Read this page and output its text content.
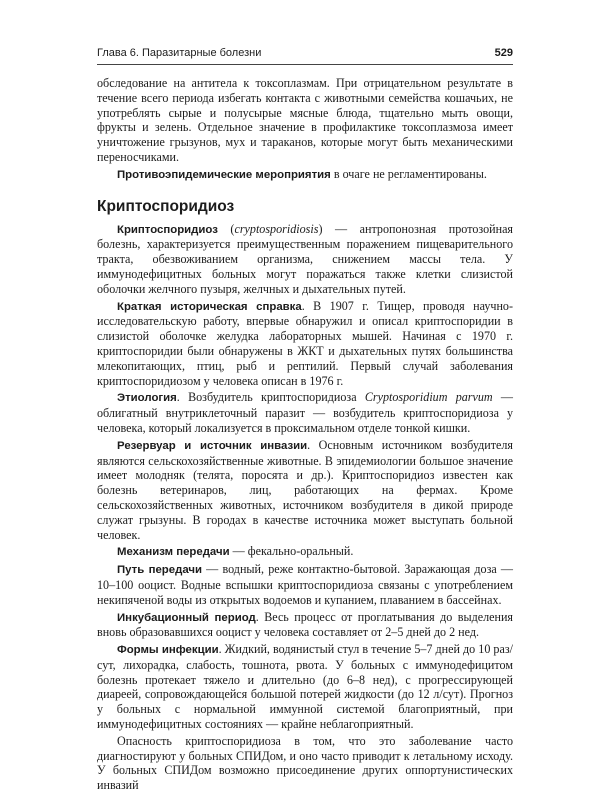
Глава 6. Паразитарные болезни	529

обследование на антитела к токсоплазмам. При отрицательном результате в течение всего периода избегать контакта с животными семейства кошачьих, не употреблять сырые и полусырые мясные блюда, тщательно мыть овощи, фрукты и зелень. Отдельное значение в профилактике токсоплазмоза имеет уничтожение грызунов, мух и тараканов, которые могут быть механическими переносчиками.

Противоэпидемические мероприятия в очаге не регламентированы.

Криптоспоридиоз

Криптоспоридиоз (cryptosporidiosis) — антропонозная протозойная болезнь, характеризуется преимущественным поражением пищеварительного тракта, обезвоживанием организма, снижением массы тела. У иммунодефицитных больных могут поражаться также клетки слизистой оболочки желчного пузыря, желчных и дыхательных путей.

Краткая историческая справка. В 1907 г. Тищер, проводя научно-исследовательскую работу, впервые обнаружил и описал криптоспоридии в слизистой оболочке желудка лабораторных мышей. Начиная с 1970 г. криптоспоридии были обнаружены в ЖКТ и дыхательных путях большинства млекопитающих, птиц, рыб и рептилий. Первый случай заболевания криптоспоридиозом у человека описан в 1976 г.

Этиология. Возбудитель криптоспоридиоза Cryptosporidium parvum — облигатный внутриклеточный паразит — возбудитель криптоспоридиоза у человека, который локализуется в проксимальном отделе тонкой кишки.

Резервуар и источник инвазии. Основным источником возбудителя являются сельскохозяйственные животные. В эпидемиологии большое значение имеет молодняк (телята, поросята и др.). Криптоспоридиоз известен как болезнь ветеринаров, лиц, работающих на фермах. Кроме сельскохозяйственных животных, источником возбудителя в дикой природе служат грызуны. В городах в качестве источника может выступать больной человек.

Механизм передачи — фекально-оральный.

Путь передачи — водный, реже контактно-бытовой. Заражающая доза — 10–100 ооцист. Водные вспышки криптоспоридиоза связаны с употреблением некипяченой воды из открытых водоемов и купанием, плаванием в бассейнах.

Инкубационный период. Весь процесс от проглатывания до выделения вновь образовавшихся ооцист у человека составляет от 2–5 дней до 2 нед.

Формы инфекции. Жидкий, водянистый стул в течение 5–7 дней до 10 раз/сут, лихорадка, слабость, тошнота, рвота. У больных с иммунодефицитом болезнь протекает тяжело и длительно (до 6–8 нед), с прогрессирующей диареей, сопровождающейся большой потерей жидкости (до 12 л/сут). Прогноз у больных с нормальной иммунной системой благоприятный, при иммунодефицитных состояниях — крайне неблагоприятный.

Опасность криптоспоридиоза в том, что это заболевание часто диагностируют у больных СПИДом, и оно часто приводит к летальному исходу. У больных СПИДом возможно присоединение других оппортунистических инвазий
